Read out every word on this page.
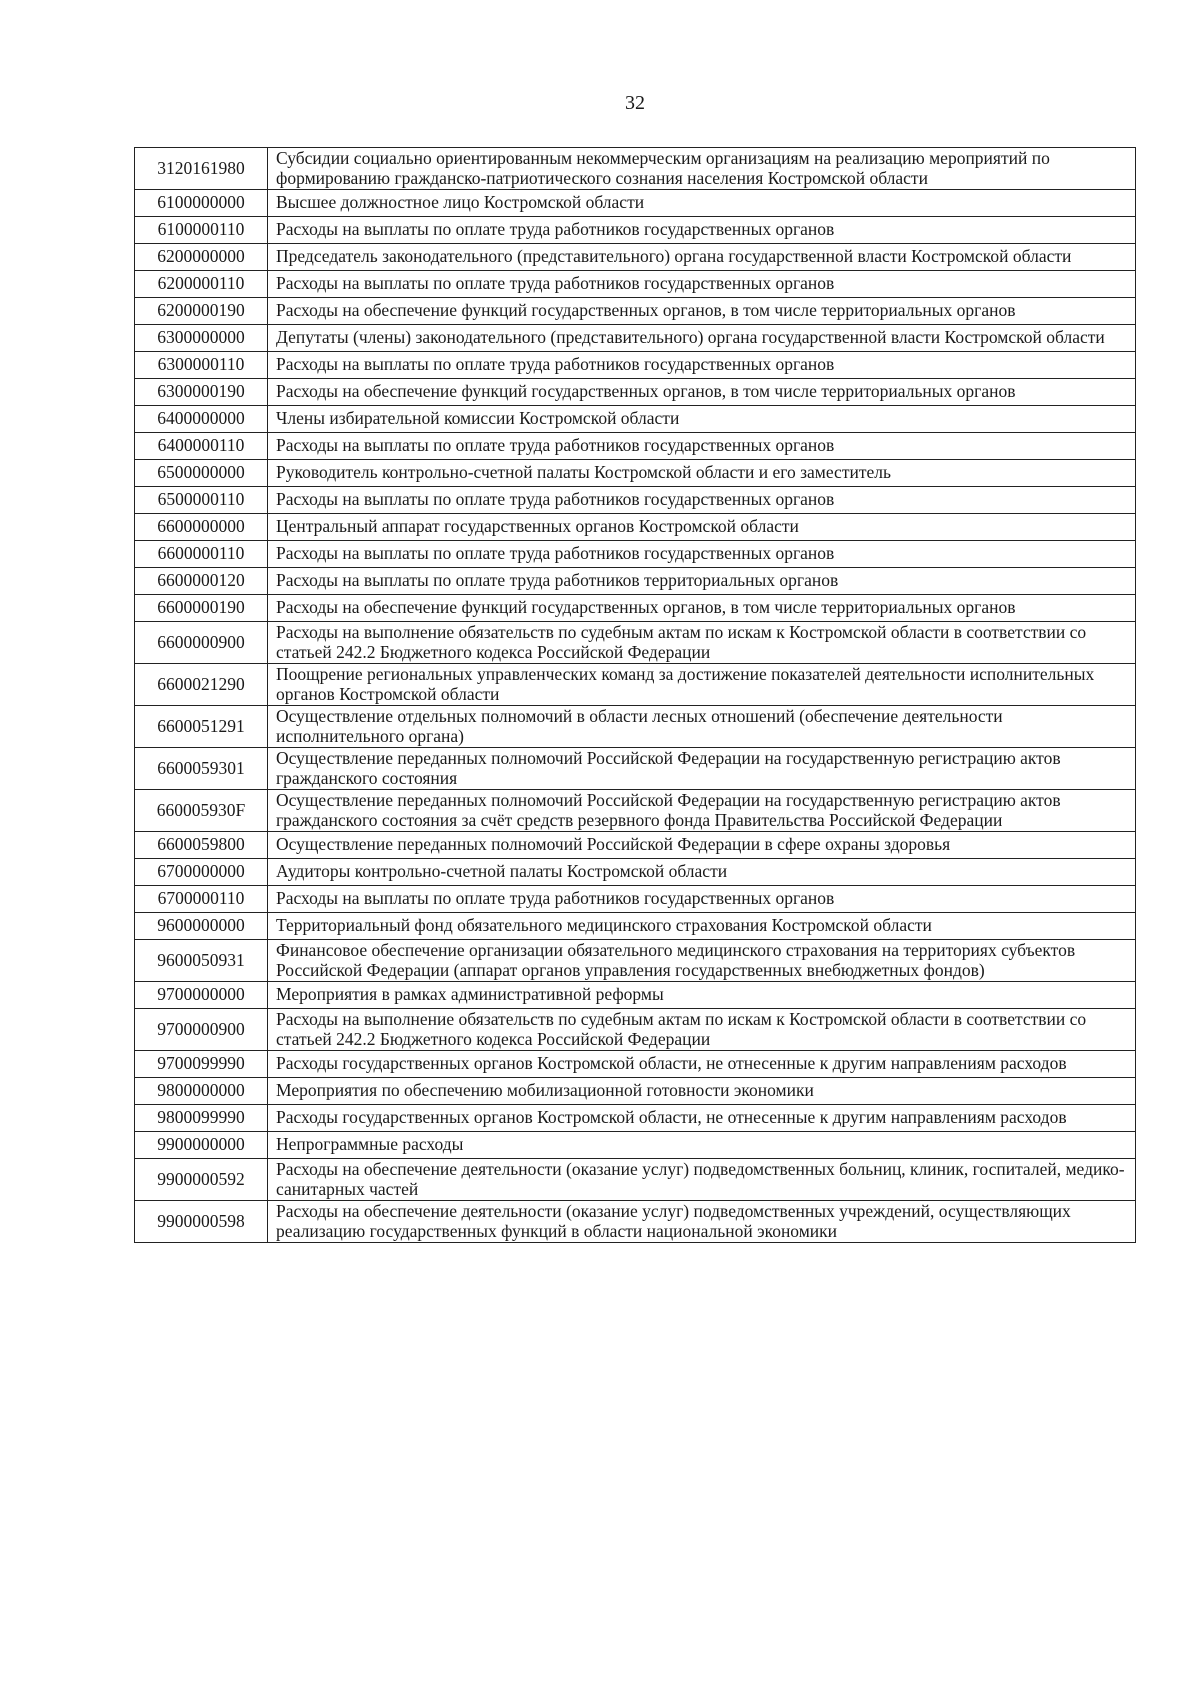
32
3120161980	Субсидии социально ориентированным некоммерческим организациям на реализацию мероприятий по формированию гражданско-патриотического сознания населения Костромской области
6100000000	Высшее должностное лицо Костромской области
6100000110	Расходы на выплаты по оплате труда работников государственных органов
6200000000	Председатель законодательного (представительного) органа государственной власти Костромской области
6200000110	Расходы на выплаты по оплате труда работников государственных органов
6200000190	Расходы на обеспечение функций государственных органов, в том числе территориальных органов
6300000000	Депутаты (члены) законодательного (представительного) органа государственной власти Костромской области
6300000110	Расходы на выплаты по оплате труда работников государственных органов
6300000190	Расходы на обеспечение функций государственных органов, в том числе территориальных органов
6400000000	Члены избирательной комиссии Костромской области
6400000110	Расходы на выплаты по оплате труда работников государственных органов
6500000000	Руководитель контрольно-счетной палаты Костромской области и его заместитель
6500000110	Расходы на выплаты по оплате труда работников государственных органов
6600000000	Центральный аппарат государственных органов Костромской области
6600000110	Расходы на выплаты по оплате труда работников государственных органов
6600000120	Расходы на выплаты по оплате труда работников территориальных органов
6600000190	Расходы на обеспечение функций государственных органов, в том числе территориальных органов
6600000900	Расходы на выполнение обязательств по судебным актам по искам к Костромской области в соответствии со статьей 242.2 Бюджетного кодекса Российской Федерации
6600021290	Поощрение региональных управленческих команд за достижение показателей деятельности исполнительных органов Костромской области
6600051291	Осуществление отдельных полномочий в области лесных отношений (обеспечение деятельности исполнительного органа)
6600059301	Осуществление переданных полномочий Российской Федерации на государственную регистрацию актов гражданского состояния
660005930F	Осуществление переданных полномочий Российской Федерации на государственную регистрацию актов гражданского состояния за счёт средств резервного фонда Правительства Российской Федерации
6600059800	Осуществление переданных полномочий Российской Федерации в сфере охраны здоровья
6700000000	Аудиторы контрольно-счетной палаты Костромской области
6700000110	Расходы на выплаты по оплате труда работников государственных органов
9600000000	Территориальный фонд обязательного медицинского страхования Костромской области
9600050931	Финансовое обеспечение организации обязательного медицинского страхования на территориях субъектов Российской Федерации (аппарат органов управления государственных внебюджетных фондов)
9700000000	Мероприятия в рамках административной реформы
9700000900	Расходы на выполнение обязательств по судебным актам по искам к Костромской области в соответствии со статьей 242.2 Бюджетного кодекса Российской Федерации
9700099990	Расходы государственных органов Костромской области, не отнесенные к другим направлениям расходов
9800000000	Мероприятия по обеспечению мобилизационной готовности экономики
9800099990	Расходы государственных органов Костромской области, не отнесенные к другим направлениям расходов
9900000000	Непрограммные расходы
9900000592	Расходы на обеспечение деятельности (оказание услуг) подведомственных больниц, клиник, госпиталей, медико-санитарных частей
9900000598	Расходы на обеспечение деятельности (оказание услуг) подведомственных учреждений, осуществляющих реализацию государственных функций в области национальной экономики
